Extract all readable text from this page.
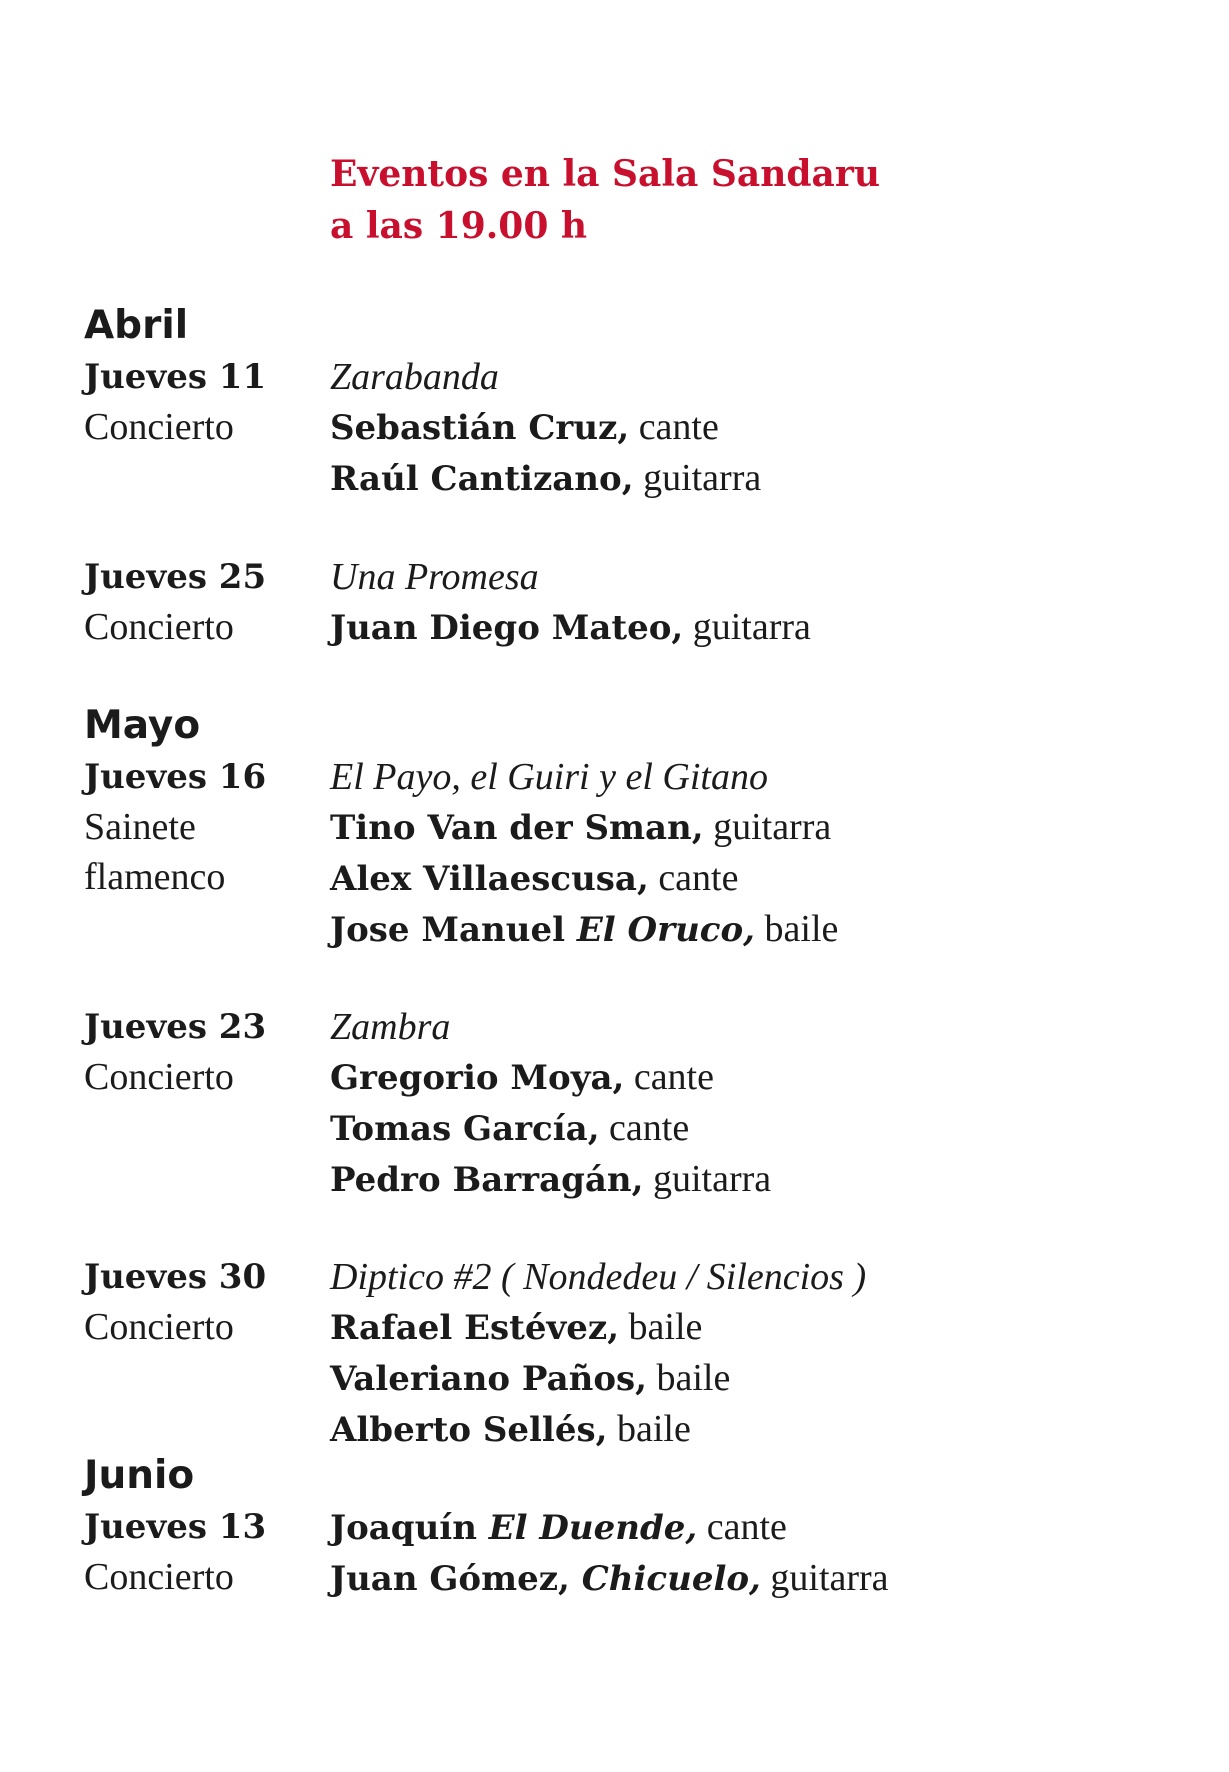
Eventos en la Sala Sandaru
a las 19.00 h
Abril
Jueves 11
Concierto
Zarabanda
Sebastián Cruz, cante
Raúl Cantizano, guitarra
Jueves 25
Concierto
Una Promesa
Juan Diego Mateo, guitarra
Mayo
Jueves 16
Sainete
flamenco
El Payo, el Guiri y el Gitano
Tino Van der Sman, guitarra
Alex Villaescusa, cante
Jose Manuel El Oruco, baile
Jueves 23
Concierto
Zambra
Gregorio Moya, cante
Tomas García, cante
Pedro Barragán, guitarra
Jueves 30
Concierto
Diptico #2 ( Nondedeu / Silencios )
Rafael Estévez, baile
Valeriano Paños, baile
Alberto Sellés, baile
Junio
Jueves 13
Concierto
Joaquín El Duende, cante
Juan Gómez, Chicuelo, guitarra
